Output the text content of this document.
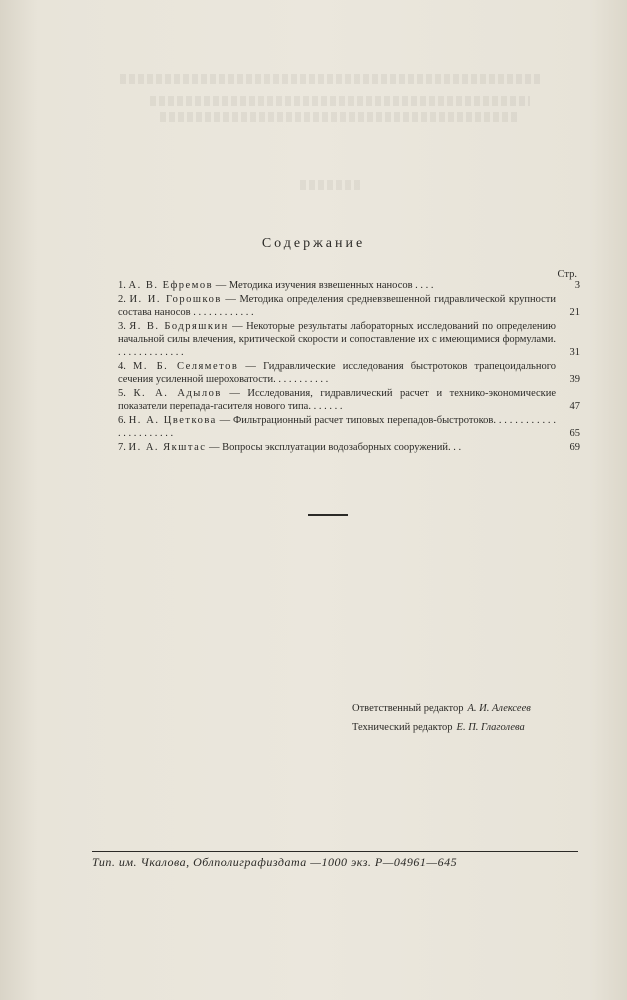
Содержание
Стр.
1. А. В. Ефремов — Методика изучения взвешенных наносов . . . .	3
2. И. И. Горошков — Методика определения средневзвешенной гидравлической крупности состава наносов . . . . . . . . . . . .	21
3. Я. В. Бодряшкин — Некоторые результаты лабораторных исследований по определению начальной силы влечения, критической скорости и сопоставление их с имеющимися формулами. . . . . . . . . . . . . .	31
4. М. Б. Селяметов — Гидравлические исследования быстротоков трапецоидального сечения усиленной шероховатости. . . . . . . . . . .	39
5. К. А. Адылов — Исследования, гидравлический расчет и технико-экономические показатели перепада-гасителя нового типа. . . . . . .	47
6. Н. А. Цветкова — Фильтрационный расчет типовых перепадов-быстротоков. . . . . . . . . . . . . . . . . . . . . . .	65
7. И. А. Якштас — Вопросы эксплуатации водозаборных сооружений. . .	69
Ответственный редактор А. И. Алексеев
Технический редактор Е. П. Глаголева
Тип. им. Чкалова, Облполиграфиздата —1000 экз. Р—04961—645
